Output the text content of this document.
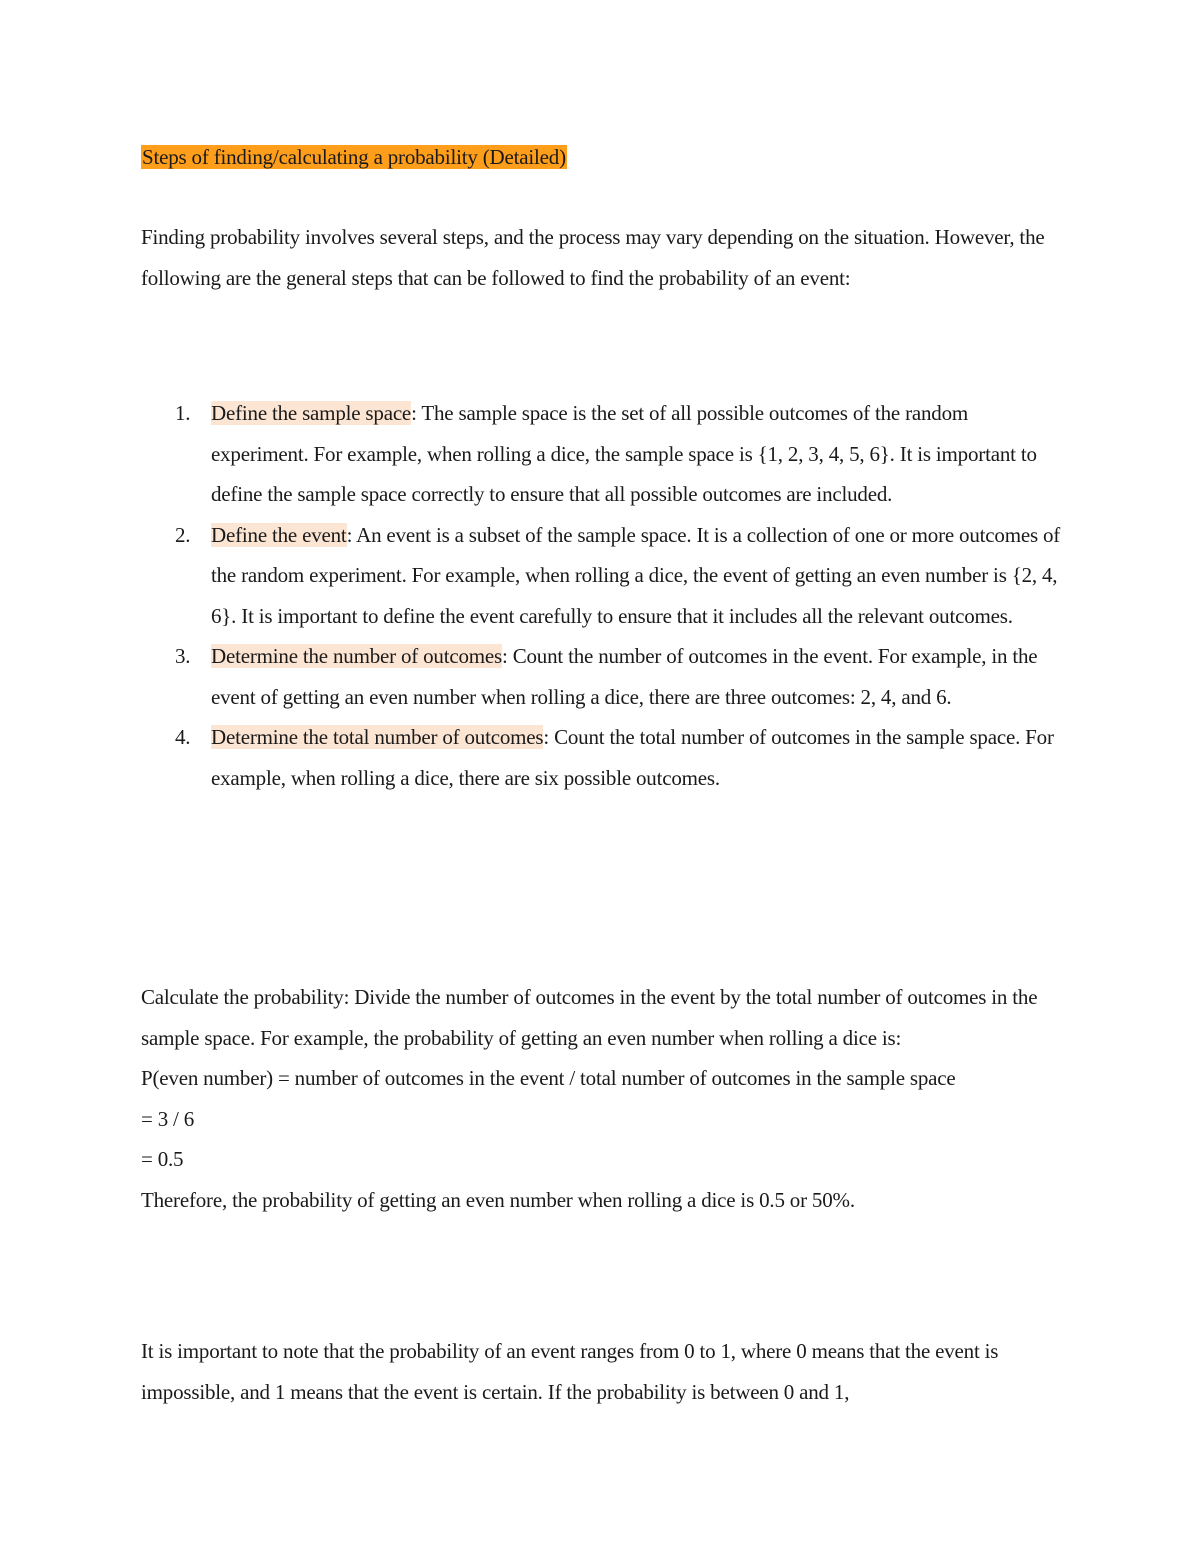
Steps of finding/calculating a probability (Detailed)

Finding probability involves several steps, and the process may vary depending on the situation. However, the following are the general steps that can be followed to find the probability of an event:

1. Define the sample space: The sample space is the set of all possible outcomes of the random experiment. For example, when rolling a dice, the sample space is {1, 2, 3, 4, 5, 6}. It is important to define the sample space correctly to ensure that all possible outcomes are included.
2. Define the event: An event is a subset of the sample space. It is a collection of one or more outcomes of the random experiment. For example, when rolling a dice, the event of getting an even number is {2, 4, 6}. It is important to define the event carefully to ensure that it includes all the relevant outcomes.
3. Determine the number of outcomes: Count the number of outcomes in the event. For example, in the event of getting an even number when rolling a dice, there are three outcomes: 2, 4, and 6.
4. Determine the total number of outcomes: Count the total number of outcomes in the sample space. For example, when rolling a dice, there are six possible outcomes.

Calculate the probability: Divide the number of outcomes in the event by the total number of outcomes in the sample space. For example, the probability of getting an even number when rolling a dice is:

P(even number) = number of outcomes in the event / total number of outcomes in the sample space

= 3 / 6

= 0.5

Therefore, the probability of getting an even number when rolling a dice is 0.5 or 50%.

It is important to note that the probability of an event ranges from 0 to 1, where 0 means that the event is impossible, and 1 means that the event is certain. If the probability is between 0 and 1,
